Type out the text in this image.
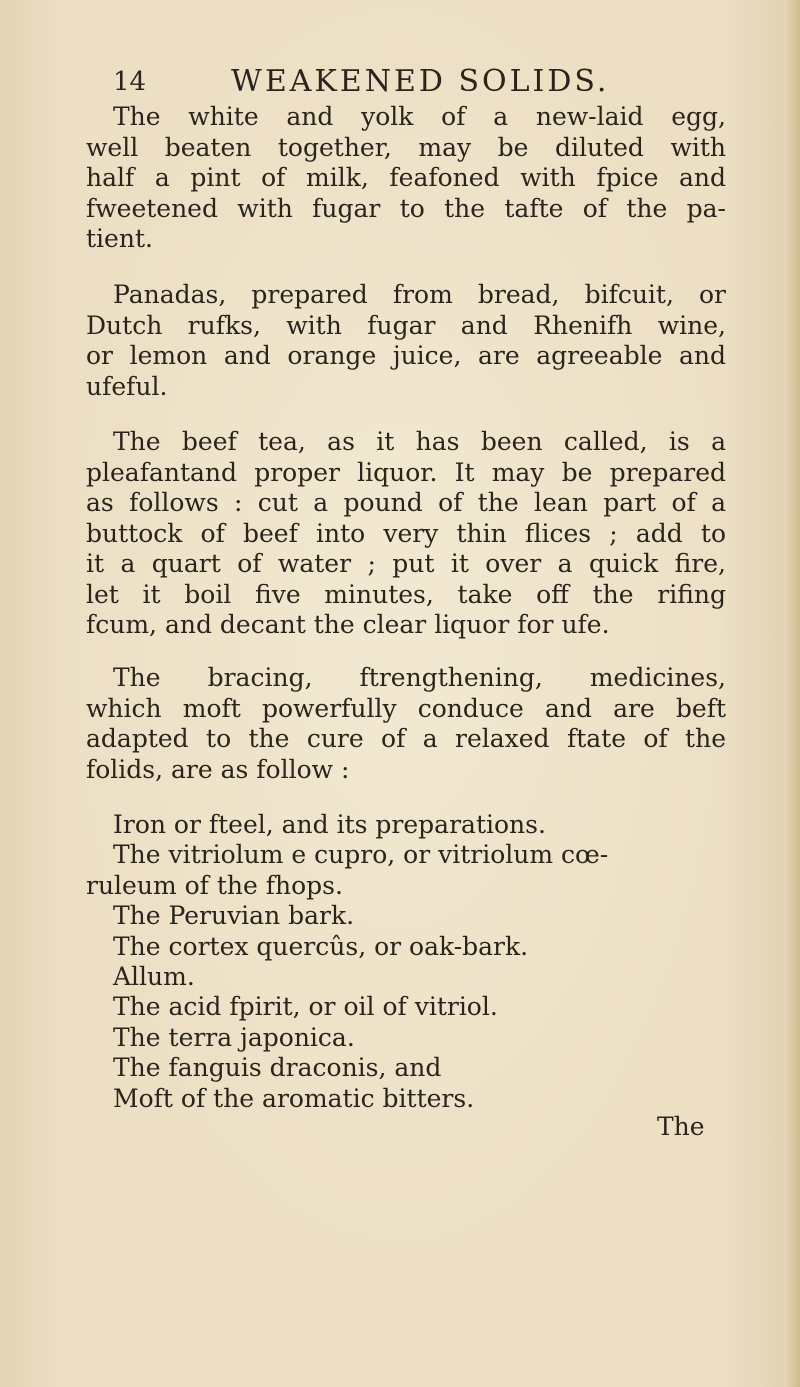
14	WEAKENED SOLIDS.
The white and yolk of a new-laid egg,
well beaten together, may be diluted with
half a pint of milk, feafoned with fpice and
fweetened with fugar to the tafte of the pa-
tient.
Panadas, prepared from bread, bifcuit, or
Dutch rufks, with fugar and Rhenifh wine,
or lemon and orange juice, are agreeable and
ufeful.
The beef tea, as it has been called, is a
pleafantand proper liquor. It may be prepared
as follows : cut a pound of the lean part of a
buttock of beef into very thin flices ; add to
it a quart of water ; put it over a quick fire,
let it boil five minutes, take off the rifing
fcum, and decant the clear liquor for ufe.
The bracing, ftrengthening, medicines,
which moft powerfully conduce and are beft
adapted to the cure of a relaxed ftate of the
folids, are as follow :
Iron or fteel, and its preparations.
The vitriolum e cupro, or vitriolum cœ-
ruleum of the fhops.
The Peruvian bark.
The cortex quercûs, or oak-bark.
Allum.
The acid fpirit, or oil of vitriol.
The terra japonica.
The fanguis draconis, and
Moft of the aromatic bitters.
The
